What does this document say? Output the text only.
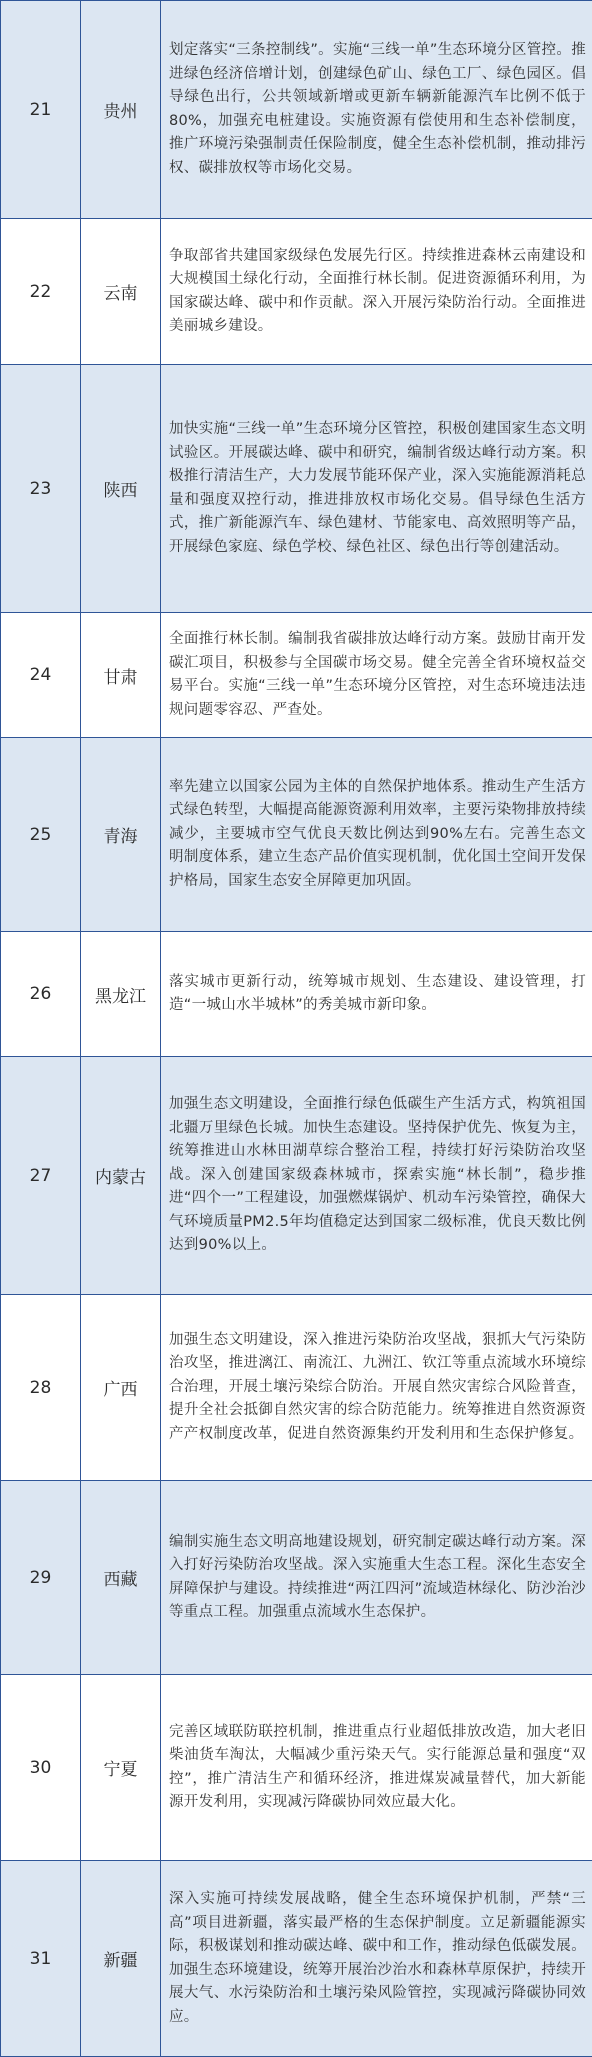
21	贵州	划定落实“三条控制线”。实施“三线一单”生态环境分区管控。推进绿色经济倍增计划，创建绿色矿山、绿色工厂、绿色园区。倡导绿色出行，公共领域新增或更新车辆新能源汽车比例不低于80%，加强充电桩建设。实施资源有偿使用和生态补偿制度，推广环境污染强制责任保险制度，健全生态补偿机制，推动排污权、碳排放权等市场化交易。
22	云南	争取部省共建国家级绿色发展先行区。持续推进森林云南建设和大规模国土绿化行动，全面推行林长制。促进资源循环利用，为国家碳达峰、碳中和作贡献。深入开展污染防治行动。全面推进美丽城乡建设。
23	陕西	加快实施“三线一单”生态环境分区管控，积极创建国家生态文明试验区。开展碳达峰、碳中和研究，编制省级达峰行动方案。积极推行清洁生产，大力发展节能环保产业，深入实施能源消耗总量和强度双控行动，推进排放权市场化交易。倡导绿色生活方式，推广新能源汽车、绿色建材、节能家电、高效照明等产品，开展绿色家庭、绿色学校、绿色社区、绿色出行等创建活动。
24	甘肃	全面推行林长制。编制我省碳排放达峰行动方案。鼓励甘南开发碳汇项目，积极参与全国碳市场交易。健全完善全省环境权益交易平台。实施“三线一单”生态环境分区管控，对生态环境违法违规问题零容忍、严查处。
25	青海	率先建立以国家公园为主体的自然保护地体系。推动生产生活方式绿色转型，大幅提高能源资源利用效率，主要污染物排放持续减少，主要城市空气优良天数比例达到90%左右。完善生态文明制度体系，建立生态产品价值实现机制，优化国土空间开发保护格局，国家生态安全屏障更加巩固。
26	黑龙江	落实城市更新行动，统筹城市规划、生态建设、建设管理，打造“一城山水半城林”的秀美城市新印象。
27	内蒙古	加强生态文明建设，全面推行绿色低碳生产生活方式，构筑祖国北疆万里绿色长城。加快生态建设。坚持保护优先、恢复为主，统筹推进山水林田湖草综合整治工程，持续打好污染防治攻坚战。深入创建国家级森林城市，探索实施“林长制”，稳步推进“四个一”工程建设，加强燃煤锅炉、机动车污染管控，确保大气环境质量PM2.5年均值稳定达到国家二级标准，优良天数比例达到90%以上。
28	广西	加强生态文明建设，深入推进污染防治攻坚战，狠抓大气污染防治攻坚，推进漓江、南流江、九洲江、钦江等重点流域水环境综合治理，开展土壤污染综合防治。开展自然灾害综合风险普查，提升全社会抵御自然灾害的综合防范能力。统筹推进自然资源资产产权制度改革，促进自然资源集约开发利用和生态保护修复。
29	西藏	编制实施生态文明高地建设规划，研究制定碳达峰行动方案。深入打好污染防治攻坚战。深入实施重大生态工程。深化生态安全屏障保护与建设。持续推进“两江四河”流域造林绿化、防沙治沙等重点工程。加强重点流域水生态保护。
30	宁夏	完善区域联防联控机制，推进重点行业超低排放改造，加大老旧柴油货车淘汰，大幅减少重污染天气。实行能源总量和强度“双控”，推广清洁生产和循环经济，推进煤炭减量替代，加大新能源开发利用，实现减污降碳协同效应最大化。
31	新疆	深入实施可持续发展战略，健全生态环境保护机制，严禁“三高”项目进新疆，落实最严格的生态保护制度。立足新疆能源实际，积极谋划和推动碳达峰、碳中和工作，推动绿色低碳发展。加强生态环境建设，统筹开展治沙治水和森林草原保护，持续开展大气、水污染防治和土壤污染风险管控，实现减污降碳协同效应。
